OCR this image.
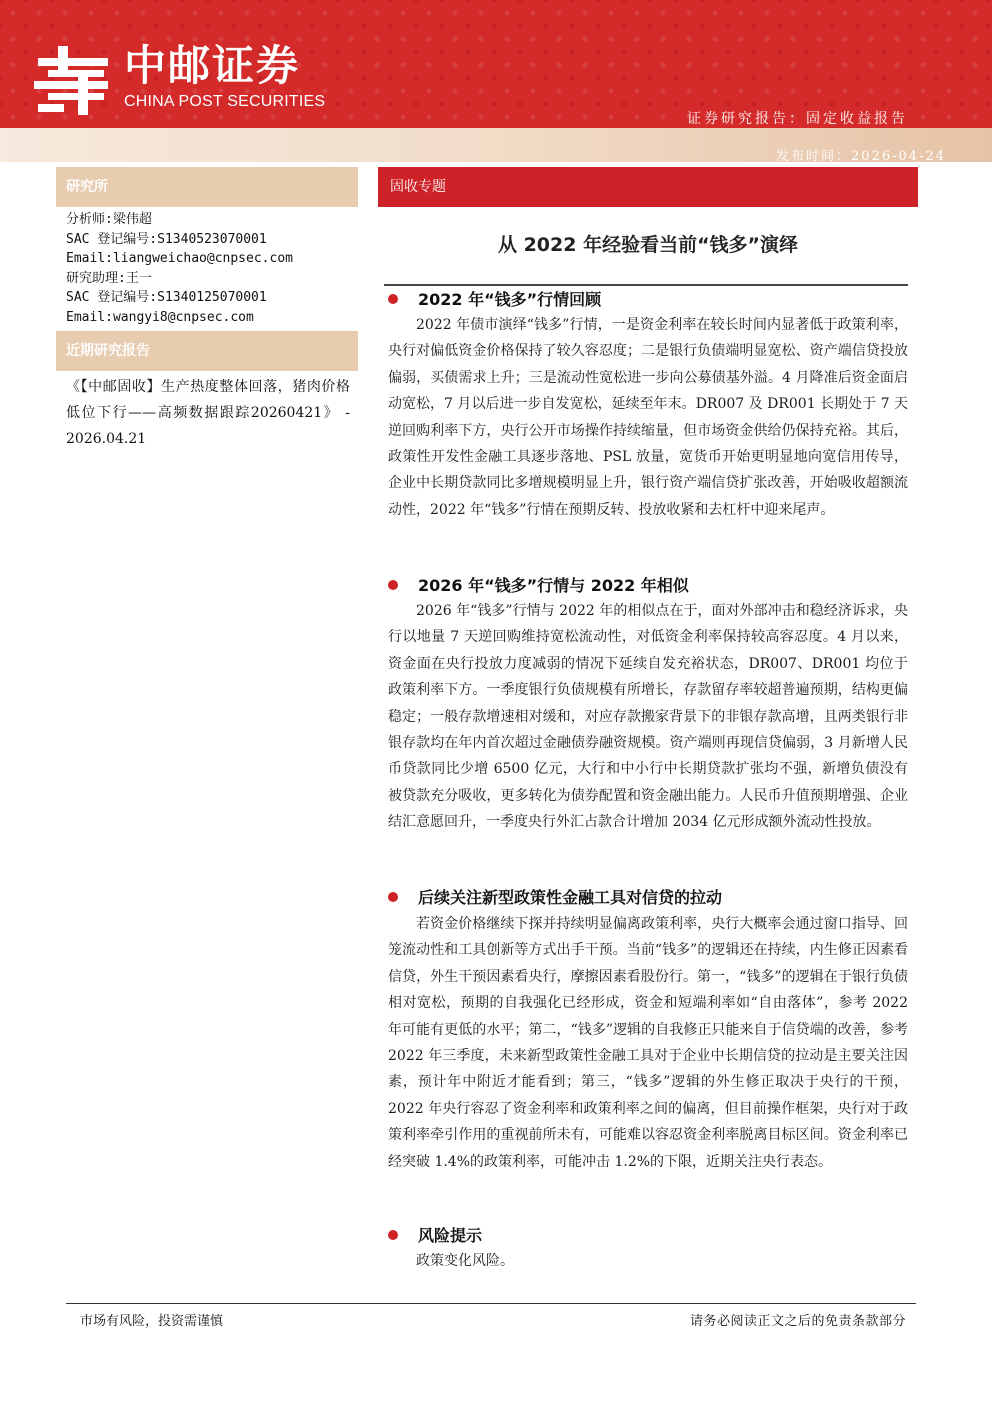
中邮证券
CHINA POST SECURITIES
证券研究报告：固定收益报告
发布时间：2026-04-24
研究所
分析师:梁伟超
SAC 登记编号:S1340523070001
Email:liangweichao@cnpsec.com
研究助理:王一
SAC 登记编号:S1340125070001
Email:wangyi8@cnpsec.com
近期研究报告
《【中邮固收】生产热度整体回落，猪肉价格低位下行——高频数据跟踪20260421》 - 2026.04.21
固收专题
从 2022 年经验看当前“钱多”演绎
2022 年“钱多”行情回顾

2022 年债市演绎“钱多”行情，一是资金利率在较长时间内显著低于政策利率，央行对偏低资金价格保持了较久容忍度；二是银行负债端明显宽松、资产端信贷投放偏弱，买债需求上升；三是流动性宽松进一步向公募债基外溢。4 月降准后资金面启动宽松，7 月以后进一步自发宽松，延续至年末。DR007 及 DR001 长期处于 7 天逆回购利率下方，央行公开市场操作持续缩量，但市场资金供给仍保持充裕。其后，政策性开发性金融工具逐步落地、PSL 放量，宽货币开始更明显地向宽信用传导，企业中长期贷款同比多增规模明显上升，银行资产端信贷扩张改善，开始吸收超额流动性，2022 年“钱多”行情在预期反转、投放收紧和去杠杆中迎来尾声。

2026 年“钱多”行情与 2022 年相似

2026 年“钱多”行情与 2022 年的相似点在于，面对外部冲击和稳经济诉求，央行以地量 7 天逆回购维持宽松流动性，对低资金利率保持较高容忍度。4 月以来，资金面在央行投放力度减弱的情况下延续自发充裕状态，DR007、DR001 均位于政策利率下方。一季度银行负债规模有所增长，存款留存率较超普遍预期，结构更偏稳定；一般存款增速相对缓和，对应存款搬家背景下的非银存款高增，且两类银行非银存款均在年内首次超过金融债券融资规模。资产端则再现信贷偏弱，3 月新增人民币贷款同比少增 6500 亿元，大行和中小行中长期贷款扩张均不强，新增负债没有被贷款充分吸收，更多转化为债券配置和资金融出能力。人民币升值预期增强、企业结汇意愿回升，一季度央行外汇占款合计增加 2034 亿元形成额外流动性投放。

后续关注新型政策性金融工具对信贷的拉动

若资金价格继续下探并持续明显偏离政策利率，央行大概率会通过窗口指导、回笼流动性和工具创新等方式出手干预。当前“钱多”的逻辑还在持续，内生修正因素看信贷，外生干预因素看央行，摩擦因素看股份行。第一，“钱多”的逻辑在于银行负债相对宽松，预期的自我强化已经形成，资金和短端利率如“自由落体”，参考 2022 年可能有更低的水平；第二，“钱多”逻辑的自我修正只能来自于信贷端的改善，参考 2022 年三季度，未来新型政策性金融工具对于企业中长期信贷的拉动是主要关注因素，预计年中附近才能看到；第三，“钱多”逻辑的外生修正取决于央行的干预，2022 年央行容忍了资金利率和政策利率之间的偏离，但目前操作框架，央行对于政策利率牵引作用的重视前所未有，可能难以容忍资金利率脱离目标区间。资金利率已经突破 1.4%的政策利率，可能冲击 1.2%的下限，近期关注央行表态。

风险提示

政策变化风险。

市场有风险，投资需谨慎	请务必阅读正文之后的免责条款部分
